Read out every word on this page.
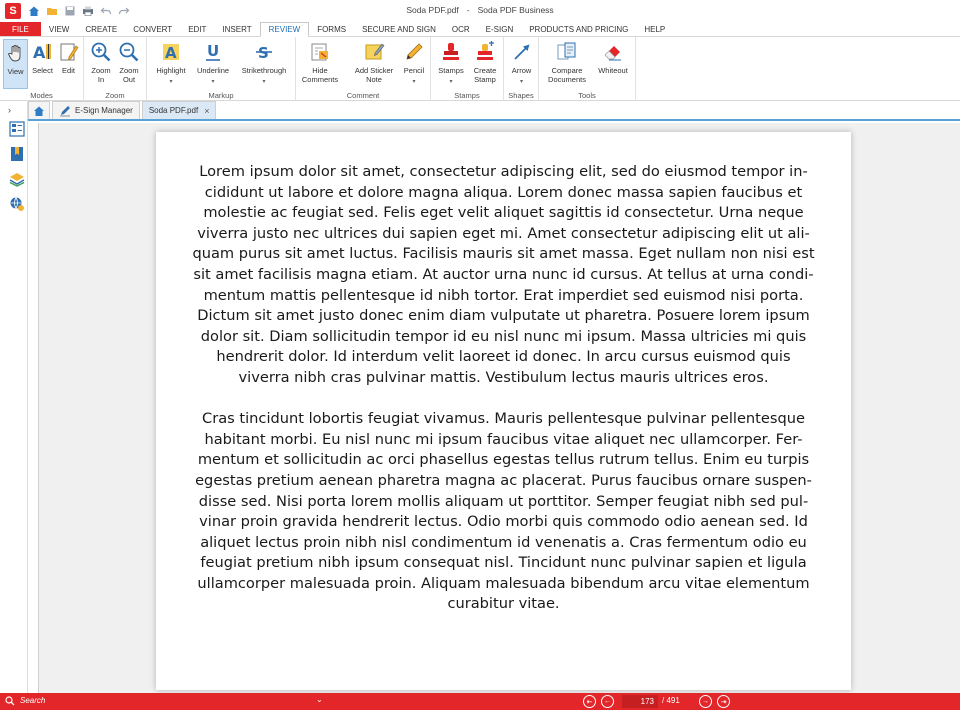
S	Soda PDF.pdf - Soda PDF Business
FILE	VIEW	CREATE	CONVERT	EDIT	INSERT	REVIEW	FORMS	SECURE AND SIGN	OCR	E-SIGN	PRODUCTS AND PRICING	HELP
View
A
Select Edit
Modes
Zoom
In
Zoom
Out
Zoom
A
Highlight
▾
U
Underline
▾
S
Strikethrough
▾
Markup
Hide
Comments
Add Sticker
Note
Pencil
▾
Comment
Stamps
▾
Create
Stamp
Stamps
Arrow
▾
Shapes
Compare
Documents
Whiteout
Tools
›	E-Sign Manager Soda PDF.pdf ×

Lorem ipsum dolor sit amet, consectetur adipiscing elit, sed do eiusmod tempor in-cididunt ut labore et dolore magna aliqua. Lorem donec massa sapien faucibus et molestie ac feugiat sed. Felis eget velit aliquet sagittis id consectetur. Urna neque viverra justo nec ultrices dui sapien eget mi. Amet consectetur adipiscing elit ut ali-quam purus sit amet luctus. Facilisis mauris sit amet massa. Eget nullam non nisi est sit amet facilisis magna etiam. At auctor urna nunc id cursus. At tellus at urna condi-mentum mattis pellentesque id nibh tortor. Erat imperdiet sed euismod nisi porta. Dictum sit amet justo donec enim diam vulputate ut pharetra. Posuere lorem ipsum dolor sit. Diam sollicitudin tempor id eu nisl nunc mi ipsum. Massa ultricies mi quis hendrerit dolor. Id interdum velit laoreet id donec. In arcu cursus euismod quis viverra nibh cras pulvinar mattis. Vestibulum lectus mauris ultrices eros.

Cras tincidunt lobortis feugiat vivamus. Mauris pellentesque pulvinar pellentesque habitant morbi. Eu nisl nunc mi ipsum faucibus vitae aliquet nec ullamcorper. Fer-mentum et sollicitudin ac orci phasellus egestas tellus rutrum tellus. Enim eu turpis egestas pretium aenean pharetra magna ac placerat. Purus faucibus ornare suspen-disse sed. Nisi porta lorem mollis aliquam ut porttitor. Semper feugiat nibh sed pul-vinar proin gravida hendrerit lectus. Odio morbi quis commodo odio aenean sed. Id aliquet lectus proin nibh nisl condimentum id venenatis a. Cras fermentum odio eu feugiat pretium nibh ipsum consequat nisl. Tincidunt nunc pulvinar sapien et ligula ullamcorper malesuada proin. Aliquam malesuada bibendum arcu vitae elementum curabitur vitae.

Search	⌄	⇤	←	173	/ 491	→	⇥
